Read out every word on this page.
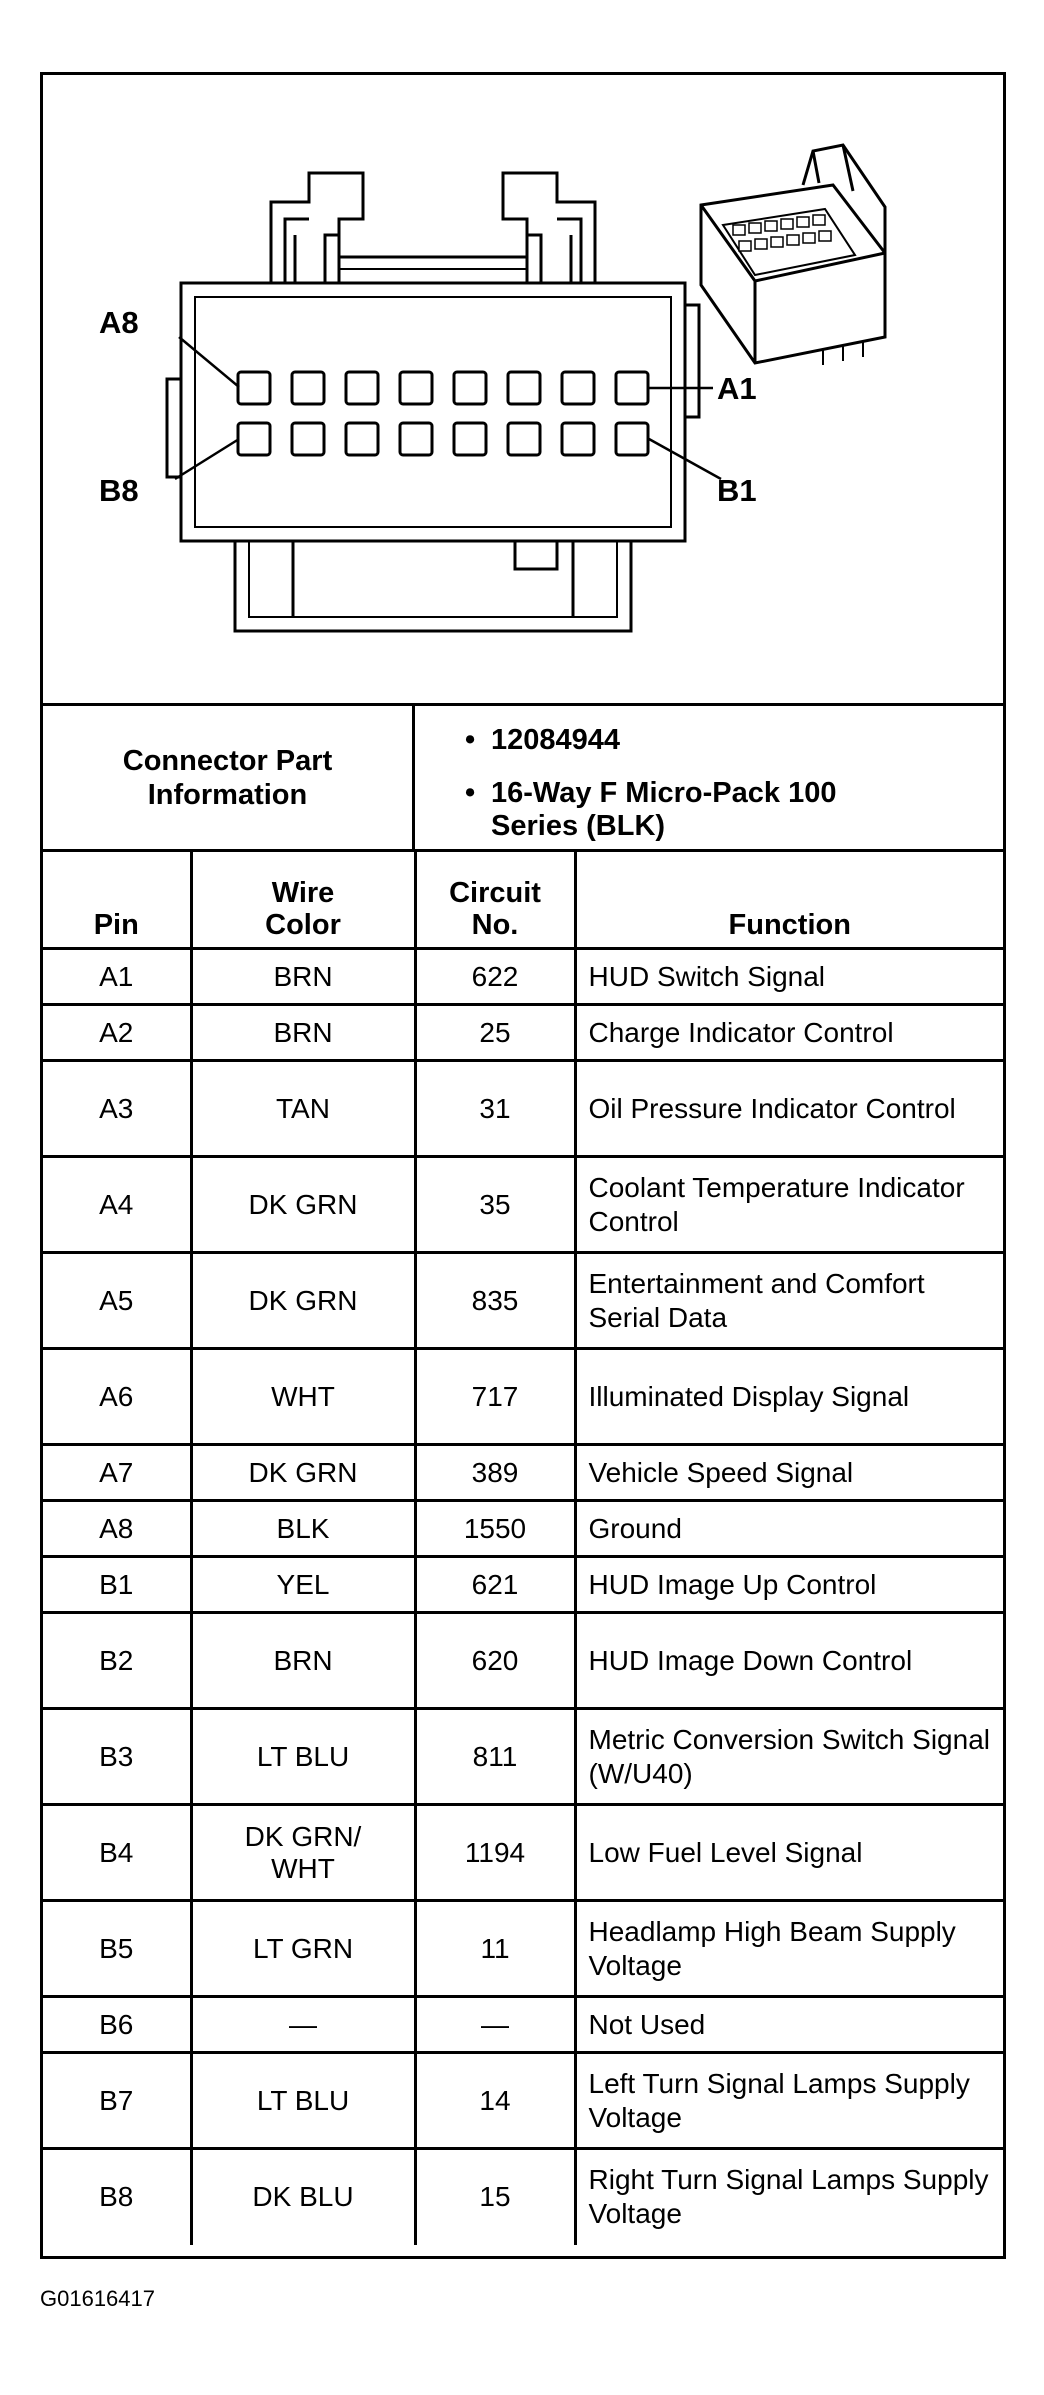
A8
A1
B8	B1
Connector Part Information
• 12084944
• 16-Way F Micro-Pack 100 Series (BLK)
Pin	Wire Color	Circuit No.	Function
A1	BRN	622	HUD Switch Signal
A2	BRN	25	Charge Indicator Control
A3	TAN	31	Oil Pressure Indicator Control
A4	DK GRN	35	Coolant Temperature Indicator Control
A5	DK GRN	835	Entertainment and Comfort Serial Data
A6	WHT	717	Illuminated Display Signal
A7	DK GRN	389	Vehicle Speed Signal
A8	BLK	1550	Ground
B1	YEL	621	HUD Image Up Control
B2	BRN	620	HUD Image Down Control
B3	LT BLU	811	Metric Conversion Switch Signal (W/U40)
B4	DK GRN/ WHT	1194	Low Fuel Level Signal
B5	LT GRN	11	Headlamp High Beam Supply Voltage
B6	—	—	Not Used
B7	LT BLU	14	Left Turn Signal Lamps Supply Voltage
B8	DK BLU	15	Right Turn Signal Lamps Supply Voltage
G01616417
